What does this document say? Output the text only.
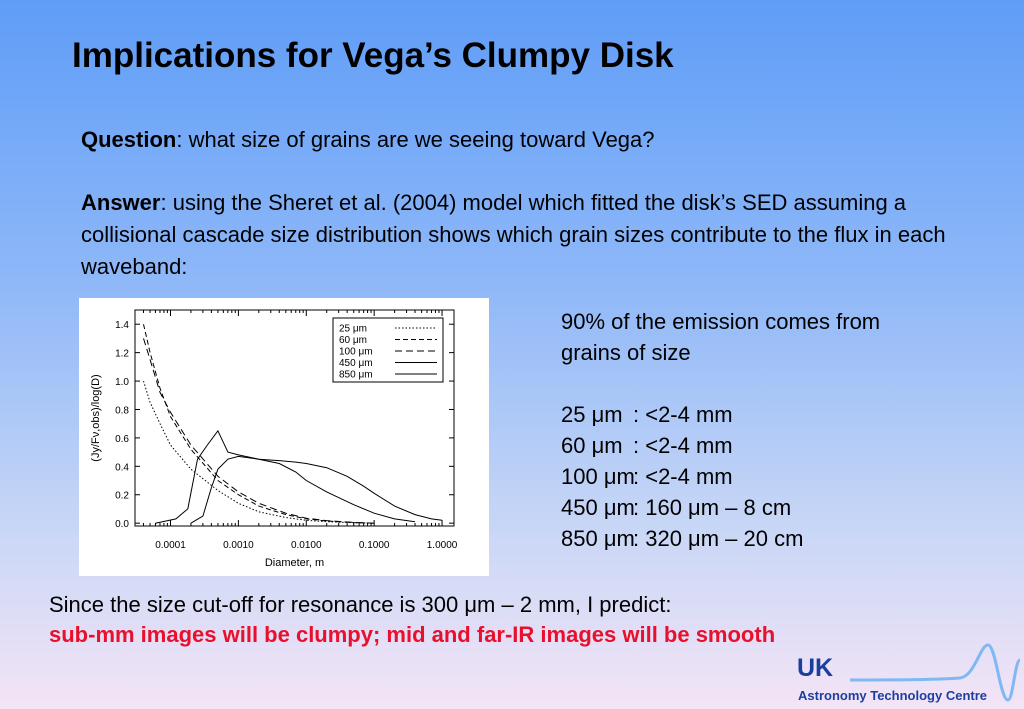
Implications for Vega’s Clumpy Disk
Question: what size of grains are we seeing toward Vega?
Answer: using the Sheret et al. (2004) model which fitted the disk’s SED assuming a collisional cascade size distribution shows which grain sizes contribute to the flux in each waveband:
0.0
0.2
0.4
0.6
0.8
1.0
1.2
1.4
0.0001	0.0010	0.0100	0.1000	1.0000
Diameter, m
(Jy/Fν,obs)/log(D)
25 μm
60 μm
100 μm
450 μm
850 μm
90% of the emission comes from grains of size
25 μm : <2-4 mm
60 μm : <2-4 mm
100 μm: <2-4 mm
450 μm: 160 μm – 8 cm
850 μm: 320 μm – 20 cm
Since the size cut-off for resonance is 300 μm – 2 mm, I predict:
sub-mm images will be clumpy; mid and far-IR images will be smooth
UK
Astronomy Technology Centre
